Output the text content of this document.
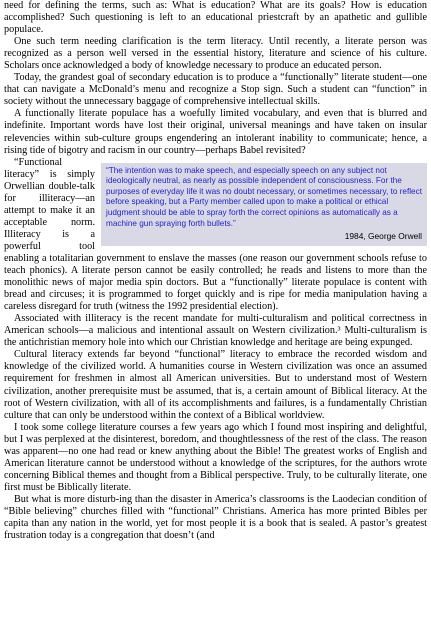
need for defining the terms, such as: What is education? What are its goals? How is education accomplished? Such questioning is left to an educational priestcraft by an apathetic and gullible populace.

One such term needing clarification is the term literacy. Until recently, a literate person was recognized as a person well versed in the essential history, literature and science of his culture. Scholars once acknowledged a body of knowledge necessary to produce an educated person.

Today, the grandest goal of secondary education is to produce a “functionally” literate student—one that can navigate a McDonald’s menu and recognize a Stop sign. Such a student can “function” in society without the unnecessary baggage of comprehensive intellectual skills.

A functionally literate populace has a woefully limited vocabulary, and even that is blurred and indefinite. Important words have lost their original, universal meanings and have taken on insular relevencies within sub-culture groups engendering an intolerant inability to communicate; hence, a rising tide of bigotry and racism in our country—perhaps Babel revisited?

“The intention was to make speech, and especially speech on any subject not ideologically neutral, as nearly as possible independent of consciousness. For the purposes of everyday life it was no doubt necessary, or sometimes necessary, to reflect before speaking, but a Party member called upon to make a political or ethical judgment should be able to spray forth the correct opinions as automatically as a machine gun spraying forth bullets.”
1984, George Orwell

“Functional literacy” is simply Orwellian double-talk for illiteracy—an attempt to make it an acceptable norm. Illiteracy is a powerful tool enabling a totalitarian government to enslave the masses (one reason our government schools refuse to teach phonics). A literate person cannot be easily controlled; he reads and listens to more than the monolithic news of major media spin doctors. But a “functionally” literate populace is content with bread and circuses; it is programmed to forget quickly and is ripe for media manipulation having a careless disregard for truth (witness the 1992 presidential election).

Associated with illiteracy is the recent mandate for multi-culturalism and political correctness in American schools—a malicious and intentional assault on Western civilization.³ Multi-culturalism is the antichristian memory hole into which our Christian knowledge and heritage are being expunged.

Cultural literacy extends far beyond “functional” literacy to embrace the recorded wisdom and knowledge of the civilized world. A humanities course in Western civilization was once an assumed requirement for freshmen in almost all American universities. But to understand most of Western civilization, another prerequisite must be assumed, that is, a certain amount of Biblical literacy. At the root of Western civilization, with all of its accomplishments and failures, is a fundamentally Christian culture that can only be understood within the context of a Biblical worldview.

I took some college literature courses a few years ago which I found most inspiring and delightful, but I was perplexed at the disinterest, boredom, and thoughtlessness of the rest of the class. The reason was apparent—no one had read or knew anything about the Bible! The greatest works of English and American literature cannot be understood without a knowledge of the scriptures, for the authors wrote concerning Biblical themes and thought from a Biblical perspective. Truly, to be culturally literate, one first must be Biblically literate.

But what is more disturb-ing than the disaster in America’s classrooms is the Laodecian condition of “Bible believing” churches filled with “functional” Christians. America has more printed Bibles per capita than any nation in the world, yet for most people it is a book that is sealed. A pastor’s greatest frustration today is a congregation that doesn’t (and
